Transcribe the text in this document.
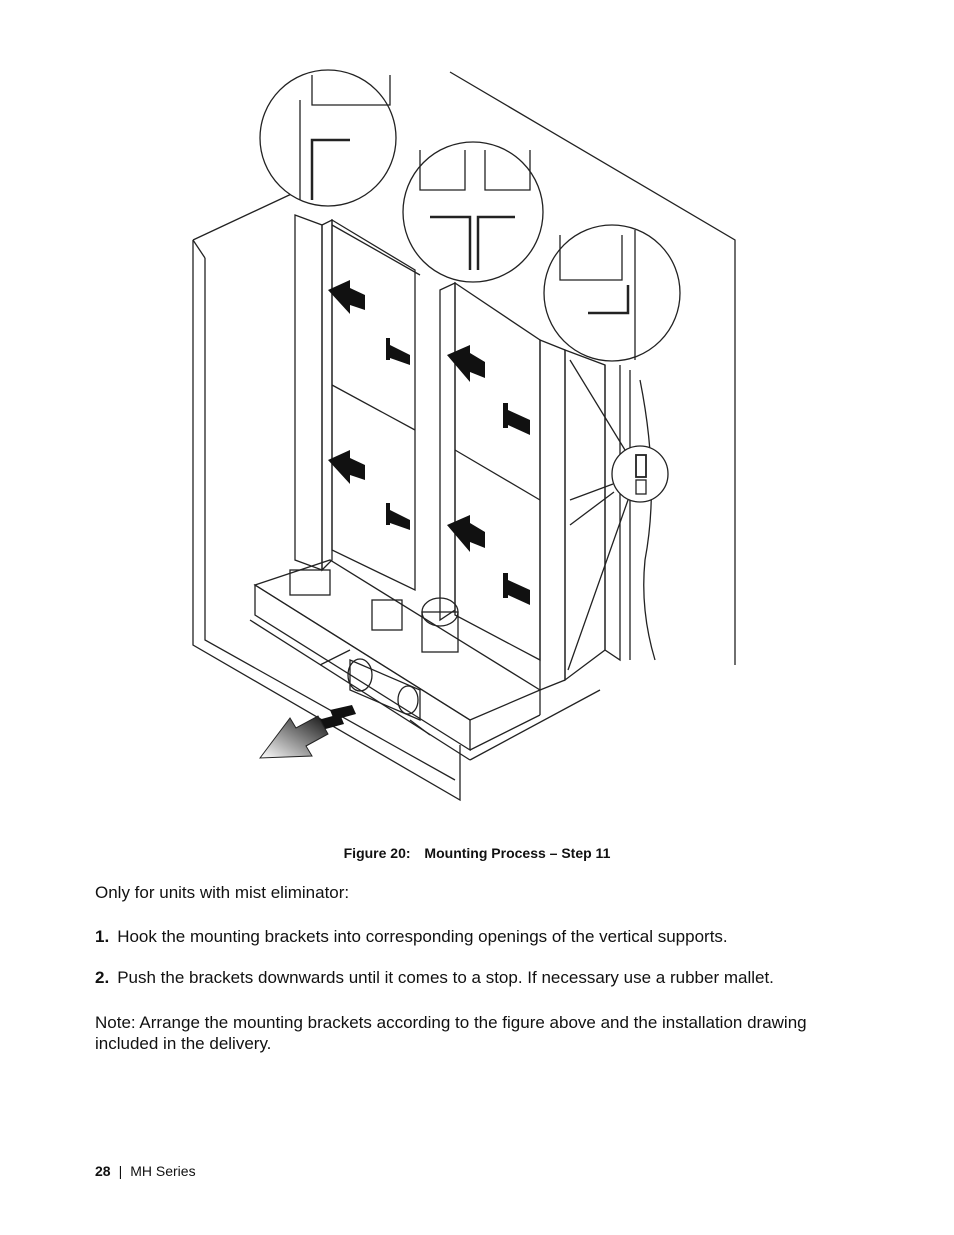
Figure 20: Mounting Process – Step 11
Only for units with mist eliminator:
1. Hook the mounting brackets into corresponding openings of the vertical supports.
2. Push the brackets downwards until it comes to a stop. If necessary use a rubber mallet.
Note: Arrange the mounting brackets according to the figure above and the installation drawing included in the delivery.
28 | MH Series
